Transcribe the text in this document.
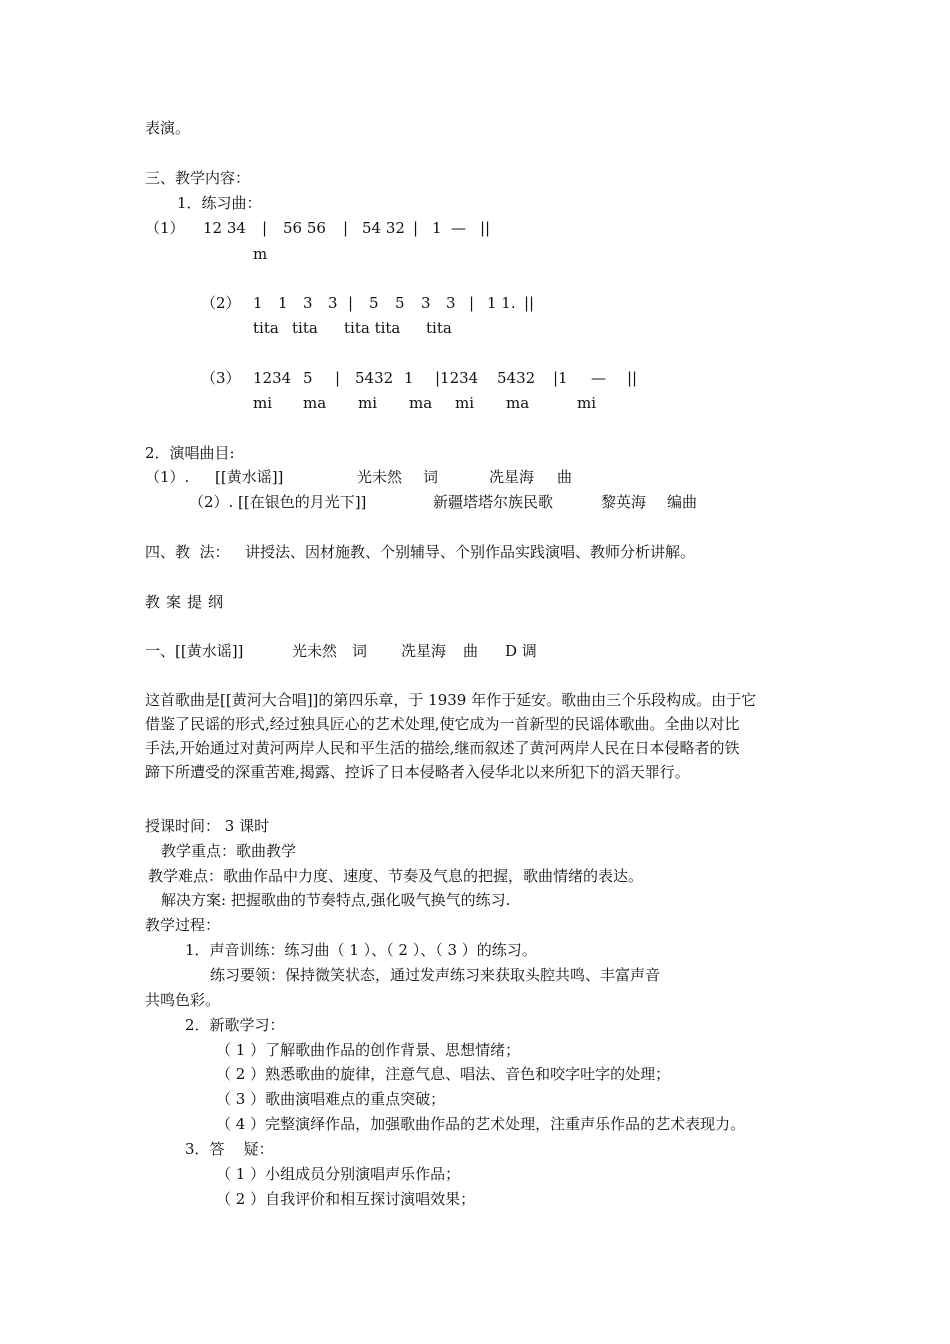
表演。
三、教学内容：
1．练习曲：
（1） 12 34 | 56 56 | 54 32 | 1 — ||
m
（2） 1 1 3 3 | 5 5 3 3 | 1 1. ||
tita tita tita tita tita
（3） 1234 5 | 5432 1 |1234 5432 |1 — ||
mi ma mi ma mi ma	mi
2．演唱曲目:
（1）. [[黄水谣]]	光未然 词	冼星海 曲
（2）. [[在银色的月光下]]	新疆塔塔尔族民歌	黎英海 编曲
四、教  法： 讲授法、因材施教、个别辅导、个别作品实践演唱、教师分析讲解。
教案提纲
一、[[黄水谣]]	光未然 词 冼星海 曲 D 调
这首歌曲是[[黄河大合唱]]的第四乐章，于 1939 年作于延安。歌曲由三个乐段构成。由于它
借鉴了民谣的形式,经过独具匠心的艺术处理,使它成为一首新型的民谣体歌曲。全曲以对比
手法,开始通过对黄河两岸人民和平生活的描绘,继而叙述了黄河两岸人民在日本侵略者的铁
蹄下所遭受的深重苦难,揭露、控诉了日本侵略者入侵华北以来所犯下的滔天罪行。
授课时间： 3 课时
教学重点：歌曲教学
教学难点：歌曲作品中力度、速度、节奏及气息的把握，歌曲情绪的表达。
解决方案: 把握歌曲的节奏特点,强化吸气换气的练习.
教学过程：
1．声音训练：练习曲（ 1 ）、（ 2 ）、（ 3 ）的练习。
练习要领：保持微笑状态，通过发声练习来获取头腔共鸣、丰富声音
共鸣色彩。
2．新歌学习：
（ 1 ）了解歌曲作品的创作背景、思想情绪；
（ 2 ）熟悉歌曲的旋律，注意气息、唱法、音色和咬字吐字的处理；
（ 3 ）歌曲演唱难点的重点突破；
（ 4 ）完整演绎作品，加强歌曲作品的艺术处理，注重声乐作品的艺术表现力。
3．答    疑：
（ 1 ）小组成员分别演唱声乐作品；
（ 2 ）自我评价和相互探讨演唱效果；
